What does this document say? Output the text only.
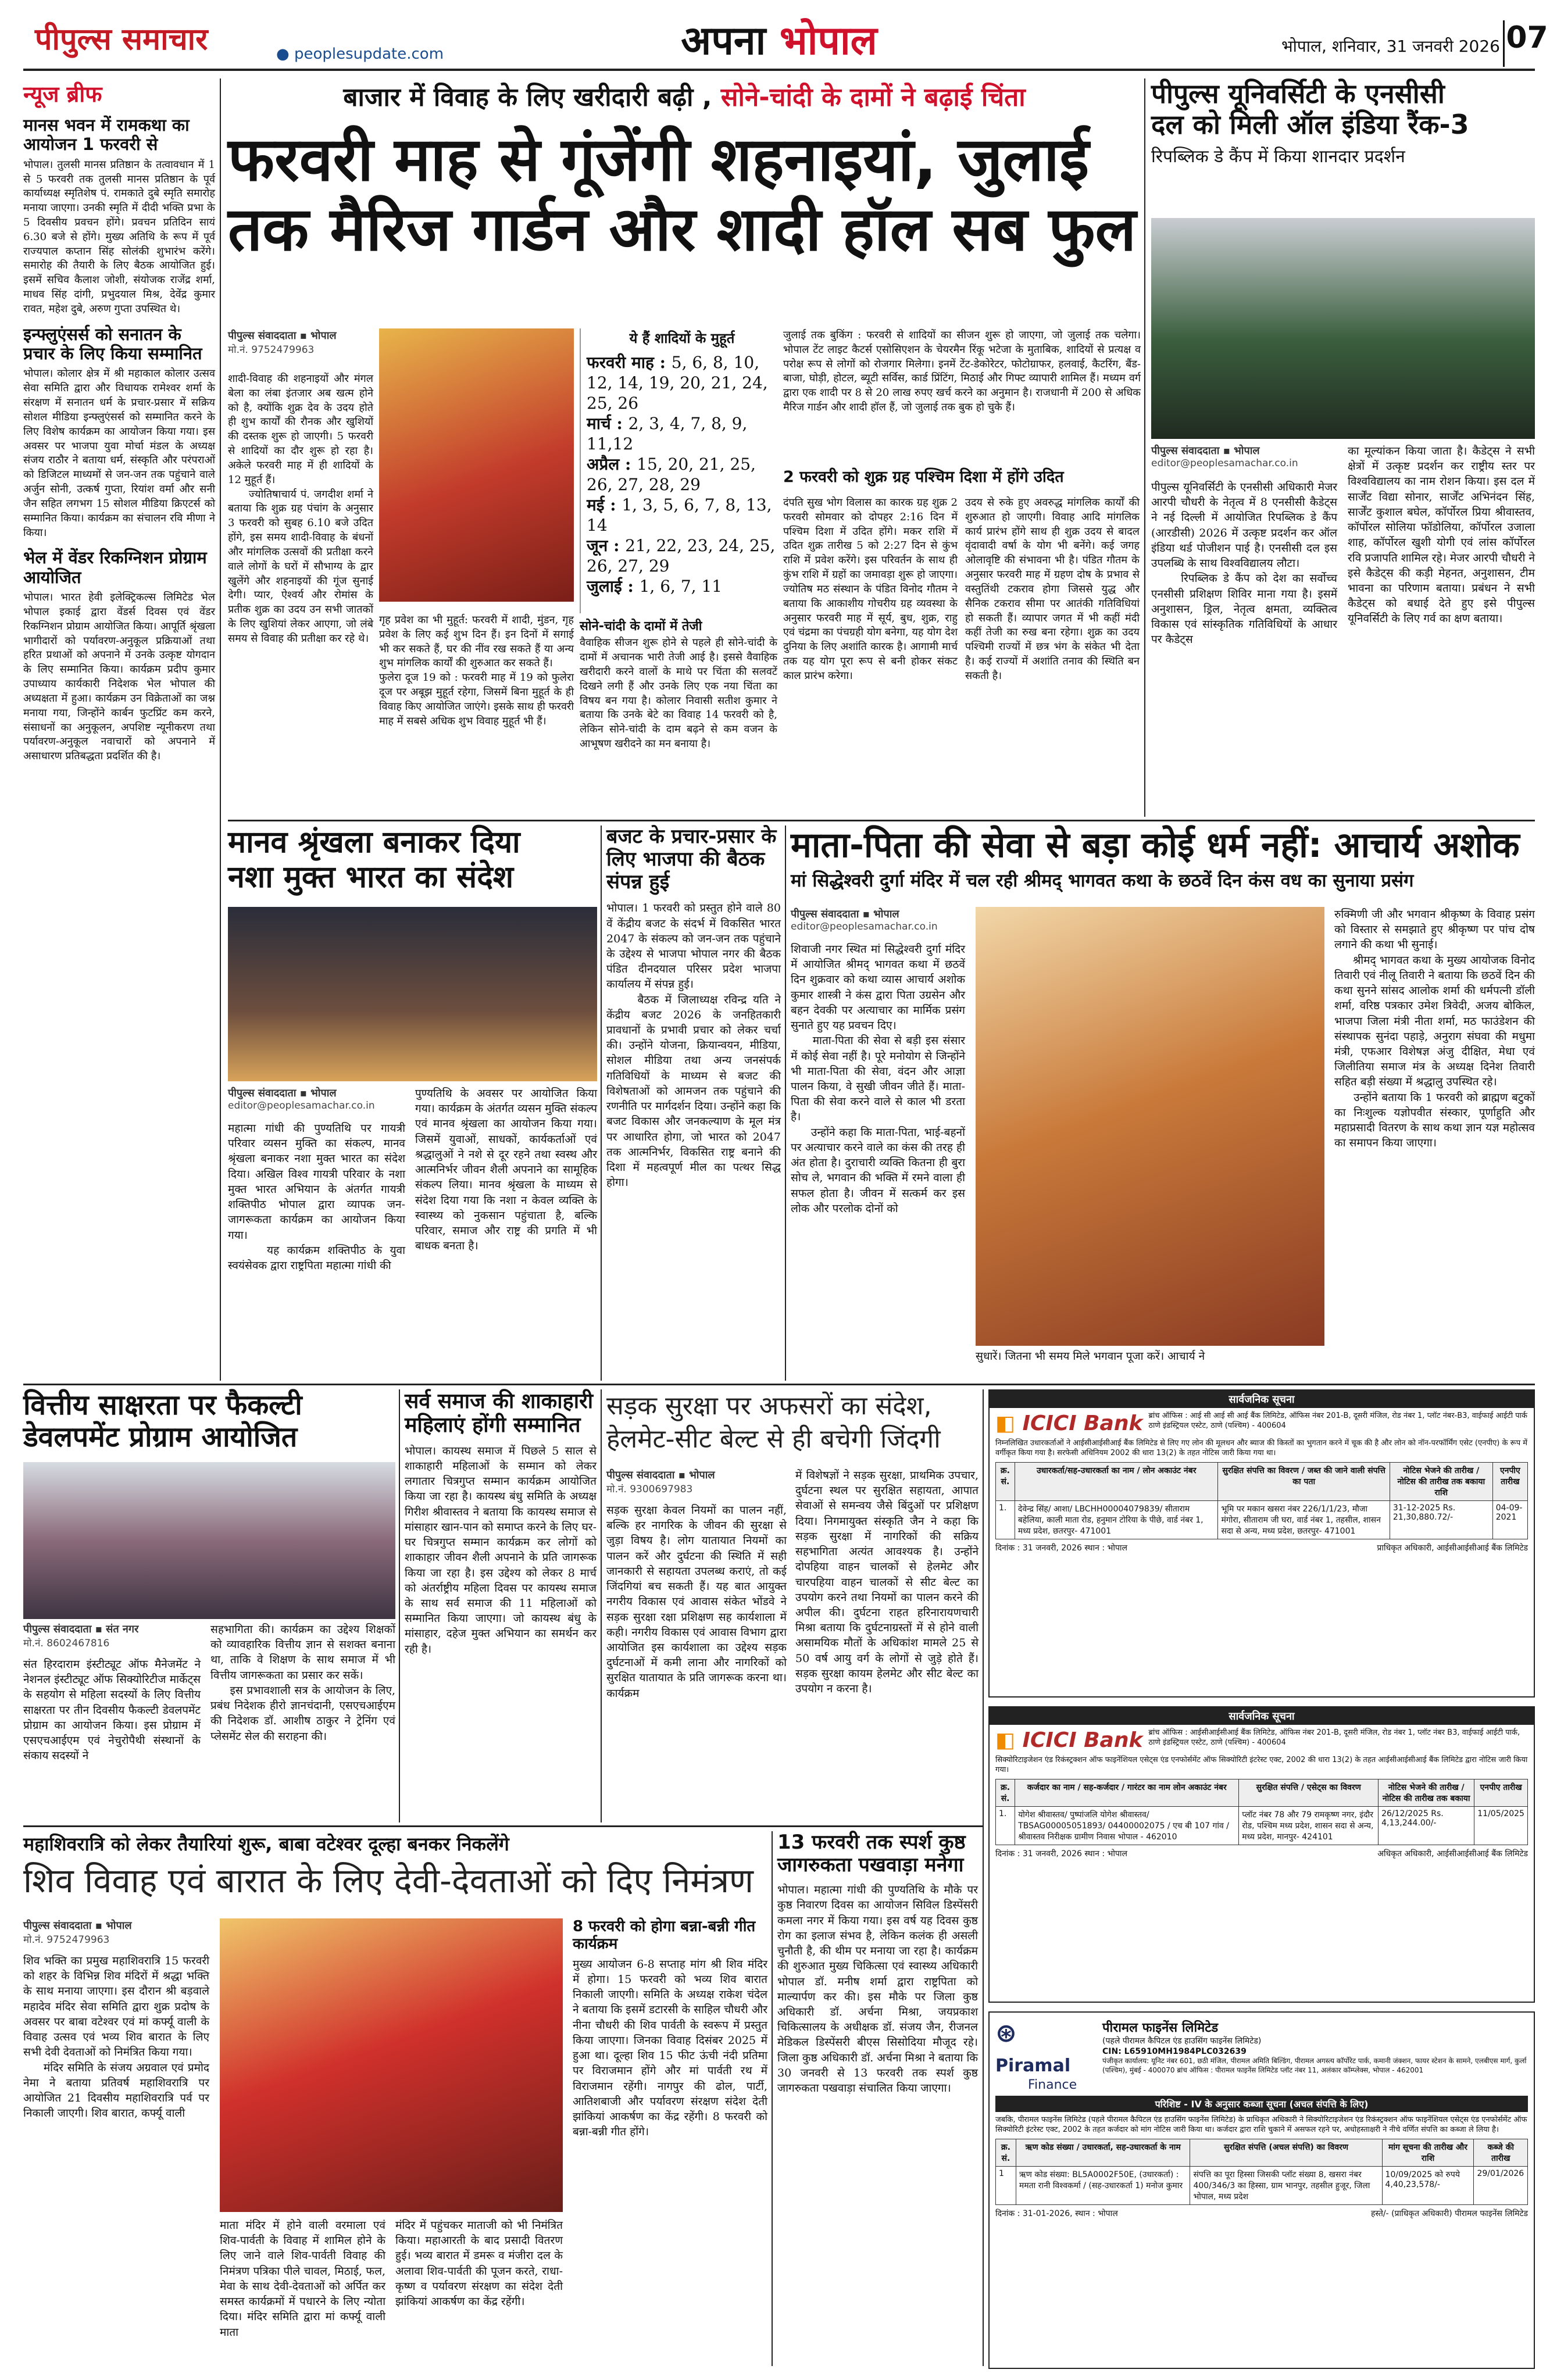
पीपुल्स समाचार	● peoplesupdate.com	अपना भोपाल	भोपाल, शनिवार, 31 जनवरी 2026 07
न्यूज ब्रीफ
मानस भवन में रामकथा का आयोजन 1 फरवरी से
भोपाल। तुलसी मानस प्रतिष्ठान के तत्वावधान में 1 से 5 फरवरी तक तुलसी मानस प्रतिष्ठान के पूर्व कार्याध्यक्ष स्मृतिशेष पं. रामकाते दुबे स्मृति समारोह मनाया जाएगा। उनकी स्मृति में दीदी भक्ति प्रभा के 5 दिवसीय प्रवचन होंगे। प्रवचन प्रतिदिन सायं 6.30 बजे से होंगे। मुख्य अतिथि के रूप में पूर्व राज्यपाल कप्तान सिंह सोलंकी शुभारंभ करेंगे। समारोह की तैयारी के लिए बैठक आयोजित हुई। इसमें सचिव कैलाश जोशी, संयोजक राजेंद्र शर्मा, माधव सिंह दांगी, प्रभुदयाल मिश्र, देवेंद्र कुमार रावत, महेश दुबे, अरुण गुप्ता उपस्थित थे।
इन्फ्लुएंसर्स को सनातन के प्रचार के लिए किया सम्मानित
भोपाल। कोलार क्षेत्र में श्री महाकाल कोलार उत्सव सेवा समिति द्वारा और विधायक रामेश्वर शर्मा के संरक्षण में सनातन धर्म के प्रचार-प्रसार में सक्रिय सोशल मीडिया इन्फ्लुएंसर्स को सम्मानित करने के लिए विशेष कार्यक्रम का आयोजन किया गया। इस अवसर पर भाजपा युवा मोर्चा मंडल के अध्यक्ष संजय राठौर ने बताया धर्म, संस्कृति और परंपराओं को डिजिटल माध्यमों से जन-जन तक पहुंचाने वाले अर्जुन सोनी, उत्कर्ष गुप्ता, रियांश वर्मा और सनी जैन सहित लगभग 15 सोशल मीडिया क्रिएटर्स को सम्मानित किया। कार्यक्रम का संचालन रवि मीणा ने किया।
भेल में वेंडर रिकग्निशन प्रोग्राम आयोजित
भोपाल। भारत हेवी इलेक्ट्रिकल्स लिमिटेड भेल भोपाल इकाई द्वारा वेंडर्स दिवस एवं वेंडर रिकग्निशन प्रोग्राम आयोजित किया। आपूर्ति श्रृंखला भागीदारों को पर्यावरण-अनुकूल प्रक्रियाओं तथा हरित प्रथाओं को अपनाने में उनके उत्कृष्ट योगदान के लिए सम्मानित किया। कार्यक्रम प्रदीप कुमार उपाध्याय कार्यकारी निदेशक भेल भोपाल की अध्यक्षता में हुआ। कार्यक्रम उन विक्रेताओं का जश्न मनाया गया, जिन्होंने कार्बन फुटप्रिंट कम करने, संसाधनों का अनुकूलन, अपशिष्ट न्यूनीकरण तथा पर्यावरण-अनुकूल नवाचारों को अपनाने में असाधारण प्रतिबद्धता प्रदर्शित की है।
बाजार में विवाह के लिए खरीदारी बढ़ी , सोने-चांदी के दामों ने बढ़ाई चिंता
फरवरी माह से गूंजेंगी शहनाइयां, जुलाई
तक मैरिज गार्डन और शादी हॉल सब फुल
पीपुल्स संवाददाता ▪ भोपाल
मो.नं. 9752479963
शादी-विवाह की शहनाइयों और मंगल बेला का लंबा इंतजार अब खत्म होने को है, क्योंकि शुक्र देव के उदय होते ही शुभ कार्यों की रौनक और खुशियों की दस्तक शुरू हो जाएगी। 5 फरवरी से शादियों का दौर शुरू हो रहा है। अकेले फरवरी माह में ही शादियों के 12 मुहूर्त हैं।
ज्योतिषाचार्य पं. जगदीश शर्मा ने बताया कि शुक्र ग्रह पंचांग के अनुसार 3 फरवरी को सुबह 6.10 बजे उदित होंगे, इस समय शादी-विवाह के बंधनों और मांगलिक उत्सवों की प्रतीक्षा करने वाले लोगों के घरों में सौभाग्य के द्वार खुलेंगे और शहनाइयों की गूंज सुनाई देगी। प्यार, ऐश्वर्य और रोमांस के प्रतीक शुक्र का उदय उन सभी जातकों के लिए खुशियां लेकर आएगा, जो लंबे समय से विवाह की प्रतीक्षा कर रहे थे।
ये हैं शादियों के मुहूर्त
फरवरी माह : 5, 6, 8, 10, 12, 14, 19, 20, 21, 24, 25, 26
मार्च : 2, 3, 4, 7, 8, 9, 11,12
अप्रैल : 15, 20, 21, 25, 26, 27, 28, 29
मई : 1, 3, 5, 6, 7, 8, 13, 14
जून : 21, 22, 23, 24, 25, 26, 27, 29
जुलाई : 1, 6, 7, 11
गृह प्रवेश का भी मुहूर्त: फरवरी में शादी, मुंडन, गृह प्रवेश के लिए कई शुभ दिन हैं। इन दिनों में सगाई भी कर सकते हैं, घर की नींव रख सकते हैं या अन्य शुभ मांगलिक कार्यों की शुरुआत कर सकते हैं।
फुलेरा दूज 19 को : फरवरी माह में 19 को फुलेरा दूज पर अबूझ मुहूर्त रहेगा, जिसमें बिना मुहूर्त के ही विवाह किए आयोजित जाएंगे। इसके साथ ही फरवरी माह में सबसे अधिक शुभ विवाह मुहूर्त भी हैं।
सोने-चांदी के दामों में तेजी
वैवाहिक सीजन शुरू होने से पहले ही सोने-चांदी के दामों में अचानक भारी तेजी आई है। इससे वैवाहिक खरीदारी करने वालों के माथे पर चिंता की सलवटें दिखने लगी हैं और उनके लिए एक नया चिंता का विषय बन गया है। कोलार निवासी सतीश कुमार ने बताया कि उनके बेटे का विवाह 14 फरवरी को है, लेकिन सोने-चांदी के दाम बढ़ने से कम वजन के आभूषण खरीदने का मन बनाया है।
जुलाई तक बुकिंग : फरवरी से शादियों का सीजन शुरू हो जाएगा, जो जुलाई तक चलेगा। भोपाल टेंट लाइट कैटर्स एसोसिएशन के चेयरमैन रिंकू भटेजा के मुताबिक, शादियों से प्रत्यक्ष व परोक्ष रूप से लोगों को रोजगार मिलेगा। इनमें टेंट-डेकोरेटर, फोटोग्राफर, हलवाई, कैटरिंग, बैंड-बाजा, घोड़ी, होटल, ब्यूटी सर्विस, कार्ड प्रिंटिंग, मिठाई और गिफ्ट व्यापारी शामिल हैं। मध्यम वर्ग द्वारा एक शादी पर 8 से 20 लाख रुपए खर्च करने का अनुमान है। राजधानी में 200 से अधिक मैरिज गार्डन और शादी हॉल हैं, जो जुलाई तक बुक हो चुके हैं।
2 फरवरी को शुक्र ग्रह पश्चिम दिशा में होंगे उदित
दंपति सुख भोग विलास का कारक ग्रह शुक्र 2 फरवरी सोमवार को दोपहर 2:16 दिन में पश्चिम दिशा में उदित होंगे। मकर राशि में उदित शुक्र तारीख 5 को 2:27 दिन से कुंभ राशि में प्रवेश करेंगे। इस परिवर्तन के साथ ही कुंभ राशि में ग्रहों का जमावड़ा शुरू हो जाएगा। ज्योतिष मठ संस्थान के पंडित विनोद गौतम ने बताया कि आकाशीय गोचरीय ग्रह व्यवस्था के अनुसार फरवरी माह में सूर्य, बुध, शुक्र, राहु एवं चंद्रमा का पंचग्रही योग बनेगा, यह योग देश दुनिया के लिए अशांति कारक है। आगामी मार्च तक यह योग पूरा रूप से बनी होकर संकट काल प्रारंभ करेगा।
उदय से रुके हुए अवरुद्ध मांगलिक कार्यों की शुरुआत हो जाएगी। विवाह आदि मांगलिक कार्य प्रारंभ होंगे साथ ही शुक्र उदय से बादल वृंदावादी वर्षा के योग भी बनेंगे। कई जगह ओलावृष्टि की संभावना भी है। पंडित गौतम के अनुसार फरवरी माह में ग्रहण दोष के प्रभाव से वस्तुतिंथी टकराव होगा जिससे युद्ध और सैनिक टकराव सीमा पर आतंकी गतिविधियां हो सकती हैं। व्यापार जगत में भी कहीं मंदी कहीं तेजी का रुख बना रहेगा। शुक्र का उदय पश्चिमी राज्यों में छत्र भंग के संकेत भी देता है। कई राज्यों में अशांति तनाव की स्थिति बन सकती है।
पीपुल्स यूनिवर्सिटी के एनसीसी
दल को मिली ऑल इंडिया रैंक-3
रिपब्लिक डे कैंप में किया शानदार प्रदर्शन
पीपुल्स संवाददाता ▪ भोपाल
editor@peoplesamachar.co.in
पीपुल्स यूनिवर्सिटी के एनसीसी अधिकारी मेजर आरपी चौधरी के नेतृत्व में 8 एनसीसी कैडेट्स ने नई दिल्ली में आयोजित रिपब्लिक डे कैंप (आरडीसी) 2026 में उत्कृष्ट प्रदर्शन कर ऑल इंडिया थर्ड पोजीशन पाई है। एनसीसी दल इस उपलब्धि के साथ विश्वविद्यालय लौटा।
रिपब्लिक डे कैंप को देश का सर्वोच्च एनसीसी प्रशिक्षण शिविर माना गया है। इसमें अनुशासन, ड्रिल, नेतृत्व क्षमता, व्यक्तित्व विकास एवं सांस्कृतिक गतिविधियों के आधार पर कैडेट्स
का मूल्यांकन किया जाता है। कैडेट्स ने सभी क्षेत्रों में उत्कृष्ट प्रदर्शन कर राष्ट्रीय स्तर पर विश्वविद्यालय का नाम रोशन किया। इस दल में सार्जेंट विद्या सोनार, सार्जेंट अभिनंदन सिंह, सार्जेंट कुशाल बघेल, कॉर्पोरल प्रिया श्रीवास्तव, कॉर्पोरल सोलिया फॉडोलिया, कॉर्पोरल उजाला शाह, कॉर्पोरल खुशी योगी एवं लांस कॉर्पोरल रवि प्रजापति शामिल रहे। मेजर आरपी चौधरी ने इसे कैडेट्स की कड़ी मेहनत, अनुशासन, टीम भावना का परिणाम बताया। प्रबंधन ने सभी कैडेट्स को बधाई देते हुए इसे पीपुल्स यूनिवर्सिटी के लिए गर्व का क्षण बताया।
मानव श्रृंखला बनाकर दिया
नशा मुक्त भारत का संदेश
पीपुल्स संवाददाता ▪ भोपाल
editor@peoplesamachar.co.in
महात्मा गांधी की पुण्यतिथि पर गायत्री परिवार व्यसन मुक्ति का संकल्प, मानव श्रृंखला बनाकर नशा मुक्त भारत का संदेश दिया। अखिल विश्व गायत्री परिवार के नशा मुक्त भारत अभियान के अंतर्गत गायत्री शक्तिपीठ भोपाल द्वारा व्यापक जन-जागरूकता कार्यक्रम का आयोजन किया गया।
यह कार्यक्रम शक्तिपीठ के युवा स्वयंसेवक द्वारा राष्ट्रपिता महात्मा गांधी की
पुण्यतिथि के अवसर पर आयोजित किया गया। कार्यक्रम के अंतर्गत व्यसन मुक्ति संकल्प एवं मानव श्रृंखला का आयोजन किया गया। जिसमें युवाओं, साधकों, कार्यकर्ताओं एवं श्रद्धालुओं ने नशे से दूर रहने तथा स्वस्थ और आत्मनिर्भर जीवन शैली अपनाने का सामूहिक संकल्प लिया। मानव श्रृंखला के माध्यम से संदेश दिया गया कि नशा न केवल व्यक्ति के स्वास्थ्य को नुकसान पहुंचाता है, बल्कि परिवार, समाज और राष्ट्र की प्रगति में भी बाधक बनता है।
बजट के प्रचार-प्रसार के लिए भाजपा की बैठक संपन्न हुई
भोपाल। 1 फरवरी को प्रस्तुत होने वाले 80 वें केंद्रीय बजट के संदर्भ में विकसित भारत 2047 के संकल्प को जन-जन तक पहुंचाने के उद्देश्य से भाजपा भोपाल नगर की बैठक पंडित दीनदयाल परिसर प्रदेश भाजपा कार्यालय में संपन्न हुई।
बैठक में जिलाध्यक्ष रविन्द्र यति ने केंद्रीय बजट 2026 के जनहितकारी प्रावधानों के प्रभावी प्रचार को लेकर चर्चा की। उन्होंने योजना, क्रियान्वयन, मीडिया, सोशल मीडिया तथा अन्य जनसंपर्क गतिविधियों के माध्यम से बजट की विशेषताओं को आमजन तक पहुंचाने की रणनीति पर मार्गदर्शन दिया। उन्होंने कहा कि बजट विकास और जनकल्याण के मूल मंत्र पर आधारित होगा, जो भारत को 2047 तक आत्मनिर्भर, विकसित राष्ट्र बनाने की दिशा में महत्वपूर्ण मील का पत्थर सिद्ध होगा।
माता-पिता की सेवा से बड़ा कोई धर्म नहीं: आचार्य अशोक
मां सिद्धेश्वरी दुर्गा मंदिर में चल रही श्रीमद् भागवत कथा के छठवें दिन कंस वध का सुनाया प्रसंग
पीपुल्स संवाददाता ▪ भोपाल
editor@peoplesamachar.co.in
शिवाजी नगर स्थित मां सिद्धेश्वरी दुर्गा मंदिर में आयोजित श्रीमद् भागवत कथा में छठवें दिन शुक्रवार को कथा व्यास आचार्य अशोक कुमार शास्त्री ने कंस द्वारा पिता उग्रसेन और बहन देवकी पर अत्याचार का मार्मिक प्रसंग सुनाते हुए यह प्रवचन दिए।
माता-पिता की सेवा से बड़ी इस संसार में कोई सेवा नहीं है। पूरे मनोयोग से जिन्होंने भी माता-पिता की सेवा, वंदन और आज्ञा पालन किया, वे सुखी जीवन जीते हैं। माता-पिता की सेवा करने वाले से काल भी डरता है।
उन्होंने कहा कि माता-पिता, भाई-बहनों पर अत्याचार करने वाले का कंस की तरह ही अंत होता है। दुराचारी व्यक्ति कितना ही बुरा सोच ले, भगवान की भक्ति में रमने वाला ही सफल होता है। जीवन में सत्कर्म कर इस लोक और परलोक दोनों को
सुधारें। जितना भी समय मिले भगवान पूजा करें। आचार्य ने
रुक्मिणी जी और भगवान श्रीकृष्ण के विवाह प्रसंग को विस्तार से समझाते हुए श्रीकृष्ण पर पांच दोष लगाने की कथा भी सुनाई।
श्रीमद् भागवत कथा के मुख्य आयोजक विनोद तिवारी एवं नीलू तिवारी ने बताया कि छठवें दिन की कथा सुनने सांसद आलोक शर्मा की धर्मपत्नी डॉली शर्मा, वरिष्ठ पत्रकार उमेश त्रिवेदी, अजय बोकिल, भाजपा जिला मंत्री नीता शर्मा, मठ फाउंडेशन की संस्थापक सुनंदा पहाड़े, अनुराग संघवा की मधुमा मंत्री, एफआर विशेषज्ञ अंजु दीक्षित, मेधा एवं जिलीतिया समाज मंत्र के अध्यक्ष दिनेश तिवारी सहित बड़ी संख्या में श्रद्धालु उपस्थित रहे।
उन्होंने बताया कि 1 फरवरी को ब्राह्मण बटुकों का निःशुल्क यज्ञोपवीत संस्कार, पूर्णाहुति और महाप्रसादी वितरण के साथ कथा ज्ञान यज्ञ महोत्सव का समापन किया जाएगा।
वित्तीय साक्षरता पर फैकल्टी
डेवलपमेंट प्रोग्राम आयोजित
पीपुल्स संवाददाता ▪ संत नगर
मो.नं. 8602467816
संत हिरदाराम इंस्टीट्यूट ऑफ मैनेजमेंट ने नेशनल इंस्टीट्यूट ऑफ सिक्योरिटीज मार्केट्स के सहयोग से महिला सदस्यों के लिए वित्तीय साक्षरता पर तीन दिवसीय फैकल्टी डेवलपमेंट प्रोग्राम का आयोजन किया। इस प्रोग्राम में एसएचआईएम एवं नेचुरोपैथी संस्थानों के संकाय सदस्यों ने
सहभागिता की। कार्यक्रम का उद्देश्य शिक्षकों को व्यावहारिक वित्तीय ज्ञान से सशक्त बनाना था, ताकि वे शिक्षण के साथ समाज में भी वित्तीय जागरूकता का प्रसार कर सकें।
इस प्रभावशाली सत्र के आयोजन के लिए, प्रबंध निदेशक हीरो ज्ञानचंदानी, एसएचआईएम की निदेशक डॉ. आशीष ठाकुर ने ट्रेनिंग एवं प्लेसमेंट सेल की सराहना की।
सर्व समाज की शाकाहारी महिलाएं होंगी सम्मानित
भोपाल। कायस्थ समाज में पिछले 5 साल से शाकाहारी महिलाओं के सम्मान को लेकर लगातार चित्रगुप्त सम्मान कार्यक्रम आयोजित किया जा रहा है। कायस्थ बंधु समिति के अध्यक्ष गिरीश श्रीवास्तव ने बताया कि कायस्थ समाज से मांसाहार खान-पान को समाप्त करने के लिए घर-घर चित्रगुप्त सम्मान कार्यक्रम कर लोगों को शाकाहार जीवन शैली अपनाने के प्रति जागरूक किया जा रहा है। इस उद्देश्य को लेकर 8 मार्च को अंतर्राष्ट्रीय महिला दिवस पर कायस्थ समाज के साथ सर्व समाज की 11 महिलाओं को सम्मानित किया जाएगा। जो कायस्थ बंधु के मांसाहार, दहेज मुक्त अभियान का समर्थन कर रही है।
सड़क सुरक्षा पर अफसरों का संदेश,
हेलमेट-सीट बेल्ट से ही बचेगी जिंदगी
पीपुल्स संवाददाता ▪ भोपाल
मो.नं. 9300697983
सड़क सुरक्षा केवल नियमों का पालन नहीं, बल्कि हर नागरिक के जीवन की सुरक्षा से जुड़ा विषय है। लोग यातायात नियमों का पालन करें और दुर्घटना की स्थिति में सही जानकारी से सहायता उपलब्ध कराएं, तो कई जिंदगियां बच सकती हैं। यह बात आयुक्त नगरीय विकास एवं आवास संकेत भोंडवे ने सड़क सुरक्षा रक्षा प्रशिक्षण सह कार्यशाला में कही। नगरीय विकास एवं आवास विभाग द्वारा आयोजित इस कार्यशाला का उद्देश्य सड़क दुर्घटनाओं में कमी लाना और नागरिकों को सुरक्षित यातायात के प्रति जागरूक करना था। कार्यक्रम
में विशेषज्ञों ने सड़क सुरक्षा, प्राथमिक उपचार, दुर्घटना स्थल पर सुरक्षित सहायता, आपात सेवाओं से समन्वय जैसे बिंदुओं पर प्रशिक्षण दिया। निगमायुक्त संस्कृति जैन ने कहा कि सड़क सुरक्षा में नागरिकों की सक्रिय सहभागिता अत्यंत आवश्यक है। उन्होंने दोपहिया वाहन चालकों से हेलमेट और चारपहिया वाहन चालकों से सीट बेल्ट का उपयोग करने तथा नियमों का पालन करने की अपील की। दुर्घटना राहत हरिनारायणचारी मिश्रा बताया कि दुर्घटनाग्रस्तों में से होने वाली असामयिक मौतों के अधिकांश मामले 25 से 50 वर्ष आयु वर्ग के लोगों से जुड़े होते हैं। सड़क सुरक्षा कायम हेलमेट और सीट बेल्ट का उपयोग न करना है।
महाशिवरात्रि को लेकर तैयारियां शुरू, बाबा वटेश्वर दूल्हा बनकर निकलेंगे
शिव विवाह एवं बारात के लिए देवी-देवताओं को दिए निमंत्रण
पीपुल्स संवाददाता ▪ भोपाल
मो.नं. 9752479963
शिव भक्ति का प्रमुख महाशिवरात्रि 15 फरवरी को शहर के विभिन्न शिव मंदिरों में श्रद्धा भक्ति के साथ मनाया जाएगा। इस दौरान श्री बड़वाले महादेव मंदिर सेवा समिति द्वारा शुक्र प्रदोष के अवसर पर बाबा वटेश्वर एवं मां कर्फ्यू वाली के विवाह उत्सव एवं भव्य शिव बारात के लिए सभी देवी देवताओं को निमंत्रित किया गया।
मंदिर समिति के संजय अग्रवाल एवं प्रमोद नेमा ने बताया प्रतिवर्ष महाशिवरात्रि पर आयोजित 21 दिवसीय महाशिवरात्रि पर्व पर निकाली जाएगी। शिव बारात, कर्फ्यू वाली
माता मंदिर में होने वाली वरमाला एवं शिव-पार्वती के विवाह में शामिल होने के लिए जाने वाले शिव-पार्वती विवाह की निमंत्रण पत्रिका पीले चावल, मिठाई, फल, मेवा के साथ देवी-देवताओं को अर्पित कर समस्त कार्यक्रमों में पधारने के लिए न्योता दिया। मंदिर समिति द्वारा मां कर्फ्यू वाली माता
मंदिर में पहुंचकर माताजी को भी निमंत्रित किया। महाआरती के बाद प्रसादी वितरण हुई। भव्य बारात में डमरू व मंजीरा दल के अलावा शिव-पार्वती की पूजन करते, राधा-कृष्ण व पर्यावरण संरक्षण का संदेश देती झांकियां आकर्षण का केंद्र रहेंगी।
8 फरवरी को होगा बन्ना-बन्नी गीत कार्यक्रम
मुख्य आयोजन 6-8 सप्ताह मांग श्री शिव मंदिर में होगा। 15 फरवरी को भव्य शिव बारात निकाली जाएगी। समिति के अध्यक्ष राकेश चंदेल ने बताया कि इसमें डटारसी के साहिल चौधरी और नीना चौधरी की शिव पार्वती के स्वरूप में प्रस्तुत किया जाएगा। जिनका विवाह दिसंबर 2025 में हुआ था। दूल्हा शिव 15 फीट ऊंची नंदी प्रतिमा पर विराजमान होंगे और मां पार्वती रथ में विराजमान रहेंगी। नागपुर की ढोल, पार्टी, आतिशबाजी और पर्यावरण संरक्षण संदेश देती झांकियां आकर्षण का केंद्र रहेंगी। 8 फरवरी को बन्ना-बन्नी गीत होंगे।
13 फरवरी तक स्पर्श कुष्ठ जागरुकता पखवाड़ा मनेगा
भोपाल। महात्मा गांधी की पुण्यतिथि के मौके पर कुष्ठ निवारण दिवस का आयोजन सिविल डिस्पेंसरी कमला नगर में किया गया। इस वर्ष यह दिवस कुष्ठ रोग का इलाज संभव है, लेकिन कलंक ही असली चुनौती है, की थीम पर मनाया जा रहा है। कार्यक्रम की शुरुआत मुख्य चिकित्सा एवं स्वास्थ्य अधिकारी भोपाल डॉ. मनीष शर्मा द्वारा राष्ट्रपिता को माल्यार्पण कर की। इस मौके पर जिला कुष्ठ अधिकारी डॉ. अर्चना मिश्रा, जयप्रकाश चिकित्सालय के अधीक्षक डॉ. संजय जैन, रीजनल मेडिकल डिस्पेंसरी बीएस सिसोदिया मौजूद रहे। जिला कुष्ठ अधिकारी डॉ. अर्चना मिश्रा ने बताया कि 30 जनवरी से 13 फरवरी तक स्पर्श कुष्ठ जागरुकता पखवाड़ा संचालित किया जाएगा।
सार्वजनिक सूचना
◧ ICICI Bank ब्रांच ऑफिस : आई सी आई सी आई बैंक लिमिटेड, ऑफिस नंबर 201-B, दूसरी मंजिल, रोड नंबर 1, प्लॉट नंबर-B3, वाईफाई आईटी पार्क ठाणे इंडस्ट्रियल एस्टेट, ठाणे (पश्चिम) - 400604
निम्नलिखित उधारकर्ताओं ने आईसीआईसीआई बैंक लिमिटेड से लिए गए लोन की मूलधन और ब्याज की किस्तों का भुगतान करने में चूक की है और लोन को नॉन-परफॉर्मिंग एसेट (एनपीए) के रूप में वर्गीकृत किया गया है। सरफेसी अधिनियम 2002 की धारा 13(2) के तहत नोटिस जारी किया गया था।
क्र. सं.	उधारकर्ता/सह-उधारकर्ता का नाम / लोन अकाउंट नंबर	सुरक्षित संपत्ति का विवरण / जब्त की जाने वाली संपत्ति का पता	नोटिस भेजने की तारीख / नोटिस की तारीख तक बकाया राशि	एनपीए तारीख
1.	देवेन्द्र सिंह/ आशा/ LBCHH00004079839/ सीताराम बहेलिया, काली माता रोड, हनुमान टोरिया के पीछे, वार्ड नंबर 1, मध्य प्रदेश, छतरपुर- 471001	भूमि पर मकान खसरा नंबर 226/1/1/23, मौजा मंगोरा, सीताराम जी घरा, वार्ड नंबर 1, तहसील, शासन सदा से अन्य, मध्य प्रदेश, छतरपुर- 471001	31-12-2025 Rs. 21,30,880.72/-	04-09-2021
दिनांक : 31 जनवरी, 2026 स्थान : भोपाल	प्राधिकृत अधिकारी, आईसीआईसीआई बैंक लिमिटेड
सार्वजनिक सूचना
◧ ICICI Bank ब्रांच ऑफिस : आईसीआईसीआई बैंक लिमिटेड, ऑफिस नंबर 201-B, दूसरी मंजिल, रोड नंबर 1, प्लॉट नंबर B3, वाईफाई आईटी पार्क, ठाणे इंडस्ट्रियल एस्टेट, ठाणे (पश्चिम) - 400604
सिक्योरिटाइजेशन एंड रिकंस्ट्रक्शन ऑफ फाइनेंशियल एसेट्स एंड एनफोर्समेंट ऑफ सिक्योरिटी इंटरेस्ट एक्ट, 2002 की धारा 13(2) के तहत आईसीआईसीआई बैंक लिमिटेड द्वारा नोटिस जारी किया गया।
क्र. सं.	कर्जदार का नाम / सह-कर्जदार / गारंटर का नाम लोन अकाउंट नंबर	सुरक्षित संपत्ति / एसेट्स का विवरण	नोटिस भेजने की तारीख / नोटिस की तारीख तक बकाया	एनपीए तारीख
1.	योगेश श्रीवास्तव/ पुष्पांजलि योगेश श्रीवास्तव/ TBSAG00005051893/ 04400002075 / एच बी 107 गांव / श्रीवास्तव निरीक्षक ग्रामीण निवास भोपाल - 462010	प्लॉट नंबर 78 और 79 रामकृष्ण नगर, इंदौर रोड, पश्चिम मध्य प्रदेश, शासन सदा से अन्य, मध्य प्रदेश, मानपुर- 424101	26/12/2025 Rs. 4,13,244.00/-	11/05/2025
दिनांक : 31 जनवरी, 2026 स्थान : भोपाल	अधिकृत अधिकारी, आईसीआईसीआई बैंक लिमिटेड
⊛ Piramal
Finance
पीरामल फाइनेंस लिमिटेड
(पहले पीरामल कैपिटल एंड हाउसिंग फाइनेंस लिमिटेड)
CIN: L65910MH1984PLC032639
पंजीकृत कार्यालय: यूनिट नंबर 601, छठी मंजिल, पीरामल अमिति बिल्डिंग, पीरामल अगस्त्य कॉर्पोरेट पार्क, कमानी जंक्शन, फायर स्टेशन के सामने, एलबीएस मार्ग, कुर्ला (पश्चिम), मुंबई - 400070 ब्रांच ऑफिस : पीरामल फाइनेंस लिमिटेड प्लॉट नंबर 11, अलंकार कॉम्प्लेक्स, भोपाल - 462001
परिशिष्ट - IV के अनुसार कब्जा सूचना (अचल संपत्ति के लिए)
जबकि, पीरामल फाइनेंस लिमिटेड (पहले पीरामल कैपिटल एंड हाउसिंग फाइनेंस लिमिटेड) के प्राधिकृत अधिकारी ने सिक्योरिटाइजेशन एंड रिकंस्ट्रक्शन ऑफ फाइनेंशियल एसेट्स एंड एनफोर्समेंट ऑफ सिक्योरिटी इंटरेस्ट एक्ट, 2002 के तहत कर्जदार को मांग नोटिस जारी किया था। कर्जदार द्वारा राशि चुकाने में असफल रहने पर, अधोहस्ताक्षरी ने नीचे वर्णित संपत्ति का कब्जा ले लिया है।
क्र. सं.	ऋण कोड संख्या / उधारकर्ता, सह-उधारकर्ता के नाम	सुरक्षित संपत्ति (अचल संपत्ति) का विवरण	मांग सूचना की तारीख और राशि	कब्जे की तारीख
1	ऋण कोड संख्या: BL5A0002F50E, (उधारकर्ता) : ममता रानी विश्वकर्मा / (सह-उधारकर्ता 1) मनोज कुमार	संपत्ति का पूरा हिस्सा जिसकी प्लॉट संख्या 8, खसरा नंबर 400/346/3 का हिस्सा, ग्राम भानपुर, तहसील हुजूर, जिला भोपाल, मध्य प्रदेश	10/09/2025 को रुपये 4,40,23,578/-	29/01/2026
दिनांक : 31-01-2026, स्थान : भोपाल	हस्ते/- (प्राधिकृत अधिकारी) पीरामल फाइनेंस लिमिटेड
